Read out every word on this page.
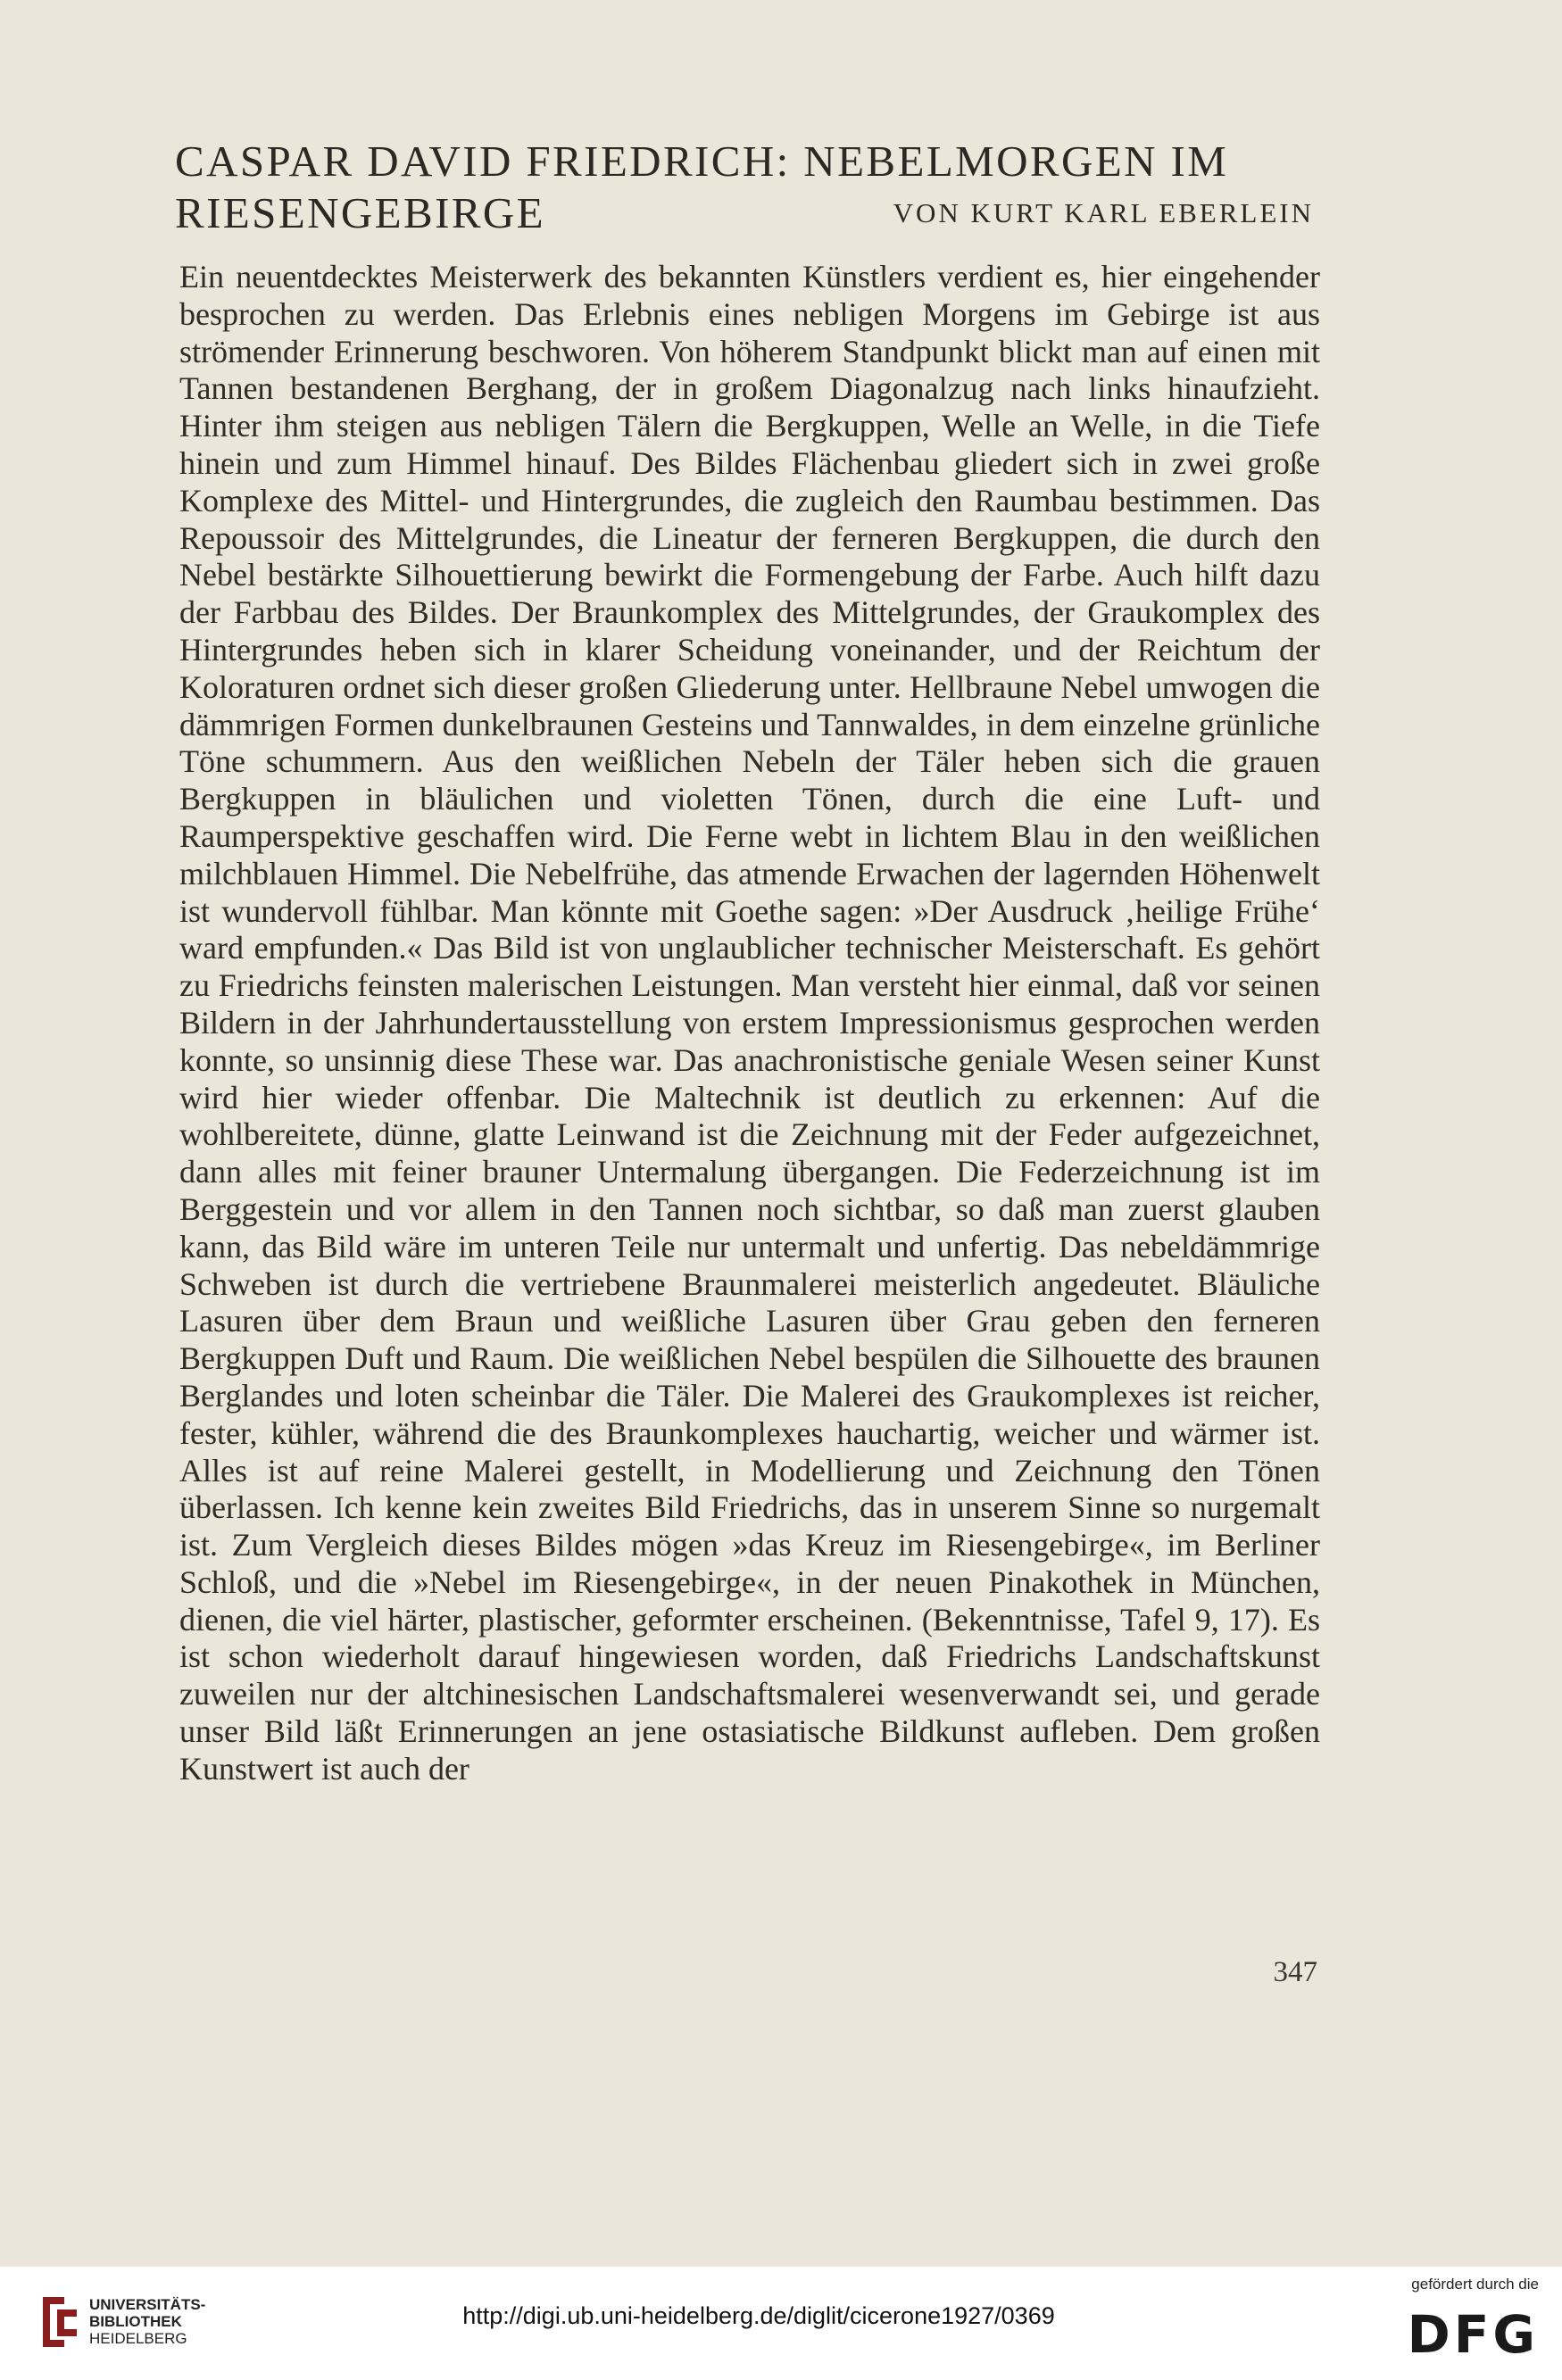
CASPAR DAVID FRIEDRICH: NEBELMORGEN IM
RIESENGEBIRGE	VON KURT KARL EBERLEIN

Ein neuentdecktes Meisterwerk des bekannten Künstlers verdient es, hier eingehender besprochen zu werden. Das Erlebnis eines nebligen Morgens im Gebirge ist aus strömender Erinnerung beschworen. Von höherem Standpunkt blickt man auf einen mit Tannen bestandenen Berghang, der in großem Diagonalzug nach links hinaufzieht. Hinter ihm steigen aus nebligen Tälern die Bergkuppen, Welle an Welle, in die Tiefe hinein und zum Himmel hinauf. Des Bildes Flächenbau gliedert sich in zwei große Komplexe des Mittel- und Hintergrundes, die zugleich den Raumbau bestimmen. Das Repoussoir des Mittelgrundes, die Lineatur der ferneren Bergkuppen, die durch den Nebel bestärkte Silhouettierung bewirkt die Formengebung der Farbe. Auch hilft dazu der Farbbau des Bildes. Der Braunkomplex des Mittelgrundes, der Graukomplex des Hintergrundes heben sich in klarer Scheidung voneinander, und der Reichtum der Koloraturen ordnet sich dieser großen Gliederung unter. Hellbraune Nebel umwogen die dämmrigen Formen dunkelbraunen Gesteins und Tannwaldes, in dem einzelne grünliche Töne schummern. Aus den weißlichen Nebeln der Täler heben sich die grauen Bergkuppen in bläulichen und violetten Tönen, durch die eine Luft- und Raumperspektive geschaffen wird. Die Ferne webt in lichtem Blau in den weißlichen milchblauen Himmel. Die Nebelfrühe, das atmende Erwachen der lagernden Höhenwelt ist wundervoll fühlbar. Man könnte mit Goethe sagen: »Der Ausdruck ‚heilige Frühe‘ ward empfunden.« Das Bild ist von unglaublicher technischer Meisterschaft. Es gehört zu Friedrichs feinsten malerischen Leistungen. Man versteht hier einmal, daß vor seinen Bildern in der Jahrhundertausstellung von erstem Impressionismus gesprochen werden konnte, so unsinnig diese These war. Das anachronistische geniale Wesen seiner Kunst wird hier wieder offenbar. Die Maltechnik ist deutlich zu erkennen: Auf die wohlbereitete, dünne, glatte Leinwand ist die Zeichnung mit der Feder aufgezeichnet, dann alles mit feiner brauner Untermalung übergangen. Die Federzeichnung ist im Berggestein und vor allem in den Tannen noch sichtbar, so daß man zuerst glauben kann, das Bild wäre im unteren Teile nur untermalt und unfertig. Das nebeldämmrige Schweben ist durch die vertriebene Braunmalerei meisterlich angedeutet. Bläuliche Lasuren über dem Braun und weißliche Lasuren über Grau geben den ferneren Bergkuppen Duft und Raum. Die weißlichen Nebel bespülen die Silhouette des braunen Berglandes und loten scheinbar die Täler. Die Malerei des Graukomplexes ist reicher, fester, kühler, während die des Braunkomplexes hauchartig, weicher und wärmer ist. Alles ist auf reine Malerei gestellt, in Modellierung und Zeichnung den Tönen überlassen. Ich kenne kein zweites Bild Friedrichs, das in unserem Sinne so nurgemalt ist. Zum Vergleich dieses Bildes mögen »das Kreuz im Riesengebirge«, im Berliner Schloß, und die »Nebel im Riesengebirge«, in der neuen Pinakothek in München, dienen, die viel härter, plastischer, geformter erscheinen. (Bekenntnisse, Tafel 9, 17). Es ist schon wiederholt darauf hingewiesen worden, daß Friedrichs Landschaftskunst zuweilen nur der altchinesischen Landschaftsmalerei wesenverwandt sei, und gerade unser Bild läßt Erinnerungen an jene ostasiatische Bildkunst aufleben. Dem großen Kunstwert ist auch der

347
UNIVERSITÄTS-
BIBLIOTHEK
HEIDELBERG
http://digi.ub.uni-heidelberg.de/diglit/cicerone1927/0369
gefördert durch die
DFG
